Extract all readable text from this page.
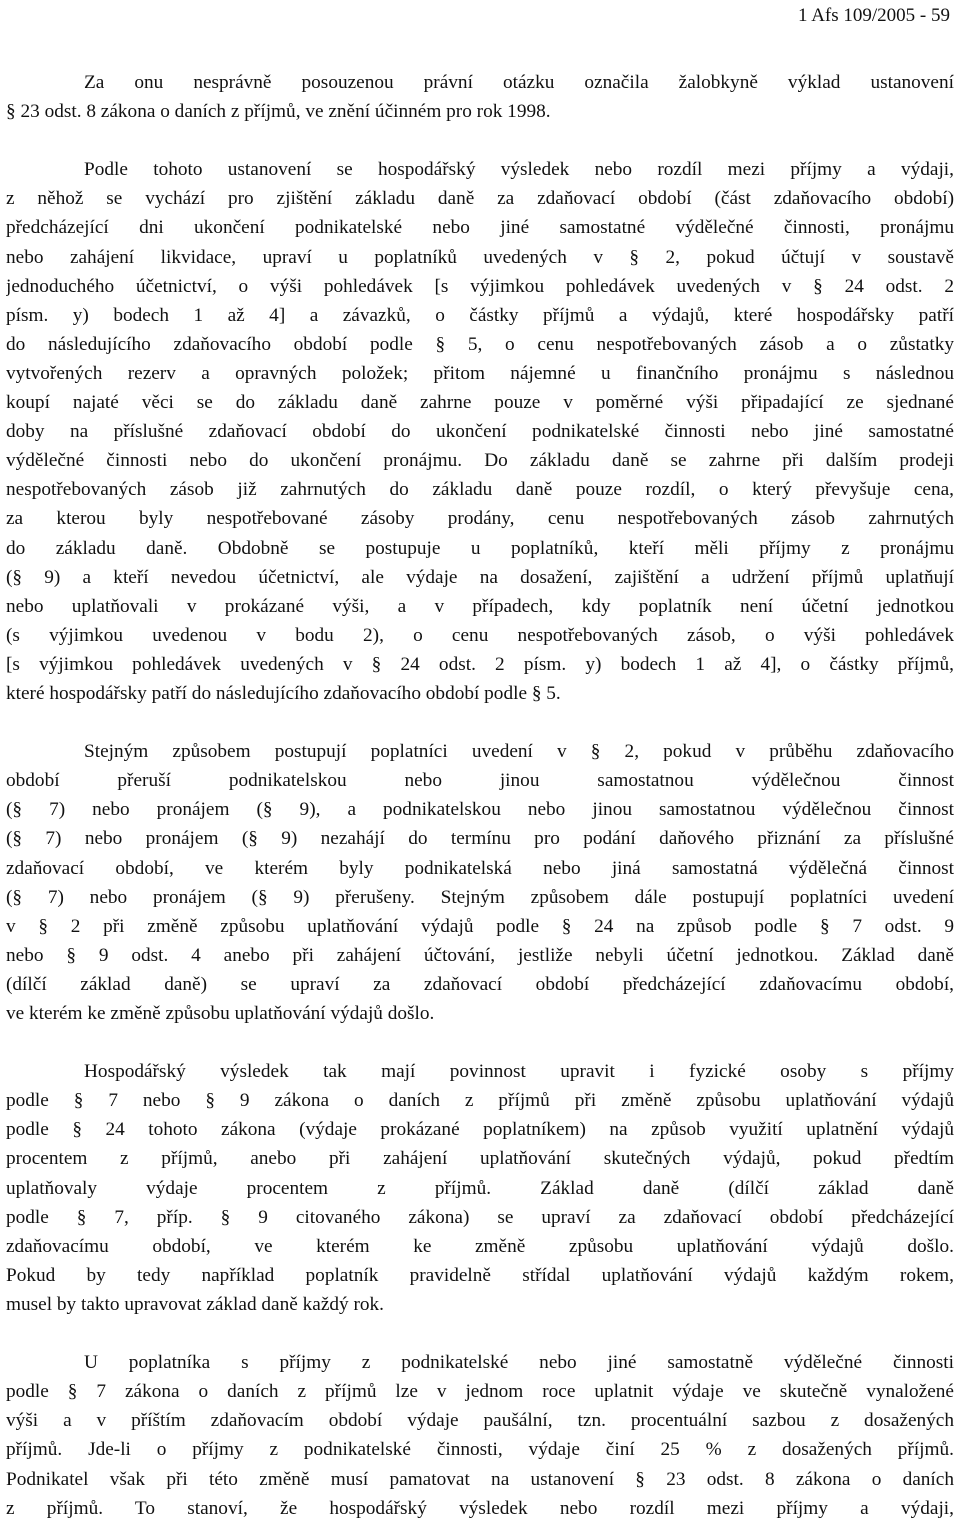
1 Afs 109/2005 - 59
Za onu nesprávně posouzenou právní otázku označila žalobkyně výklad ustanovení
§ 23 odst. 8 zákona o daních z příjmů, ve znění účinném pro rok 1998.
Podle tohoto ustanovení se hospodářský výsledek nebo rozdíl mezi příjmy a výdaji,
z něhož se vychází pro zjištění základu daně za zdaňovací období (část zdaňovacího období)
předcházející dni ukončení podnikatelské nebo jiné samostatné výdělečné činnosti, pronájmu
nebo zahájení likvidace, upraví u poplatníků uvedených v § 2, pokud účtují v soustavě
jednoduchého účetnictví, o výši pohledávek [s výjimkou pohledávek uvedených v § 24 odst. 2
písm. y) bodech 1 až 4] a závazků, o částky příjmů a výdajů, které hospodářsky patří
do následujícího zdaňovacího období podle § 5, o cenu nespotřebovaných zásob a o zůstatky
vytvořených rezerv a opravných položek; přitom nájemné u finančního pronájmu s následnou
koupí najaté věci se do základu daně zahrne pouze v poměrné výši připadající ze sjednané
doby na příslušné zdaňovací období do ukončení podnikatelské činnosti nebo jiné samostatné
výdělečné činnosti nebo do ukončení pronájmu. Do základu daně se zahrne při dalším prodeji
nespotřebovaných zásob již zahrnutých do základu daně pouze rozdíl, o který převyšuje cena,
za kterou byly nespotřebované zásoby prodány, cenu nespotřebovaných zásob zahrnutých
do základu daně. Obdobně se postupuje u poplatníků, kteří měli příjmy z pronájmu
(§ 9) a kteří nevedou účetnictví, ale výdaje na dosažení, zajištění a udržení příjmů uplatňují
nebo uplatňovali v prokázané výši, a v případech, kdy poplatník není účetní jednotkou
(s výjimkou uvedenou v bodu 2), o cenu nespotřebovaných zásob, o výši pohledávek
[s výjimkou pohledávek uvedených v § 24 odst. 2 písm. y) bodech 1 až 4], o částky příjmů,
které hospodářsky patří do následujícího zdaňovacího období podle § 5.
Stejným způsobem postupují poplatníci uvedení v § 2, pokud v průběhu zdaňovacího
období přeruší podnikatelskou nebo jinou samostatnou výdělečnou činnost
(§ 7) nebo pronájem (§ 9), a podnikatelskou nebo jinou samostatnou výdělečnou činnost
(§ 7) nebo pronájem (§ 9) nezahájí do termínu pro podání daňového přiznání za příslušné
zdaňovací období, ve kterém byly podnikatelská nebo jiná samostatná výdělečná činnost
(§ 7) nebo pronájem (§ 9) přerušeny. Stejným způsobem dále postupují poplatníci uvedení
v § 2 při změně způsobu uplatňování výdajů podle § 24 na způsob podle § 7 odst. 9
nebo § 9 odst. 4 anebo při zahájení účtování, jestliže nebyli účetní jednotkou. Základ daně
(dílčí základ daně) se upraví za zdaňovací období předcházející zdaňovacímu období,
ve kterém ke změně způsobu uplatňování výdajů došlo.
Hospodářský výsledek tak mají povinnost upravit i fyzické osoby s příjmy
podle § 7 nebo § 9 zákona o daních z příjmů při změně způsobu uplatňování výdajů
podle § 24 tohoto zákona (výdaje prokázané poplatníkem) na způsob využití uplatnění výdajů
procentem z příjmů, anebo při zahájení uplatňování skutečných výdajů, pokud předtím
uplatňovaly výdaje procentem z příjmů. Základ daně (dílčí základ daně
podle § 7, příp. § 9 citovaného zákona) se upraví za zdaňovací období předcházející
zdaňovacímu období, ve kterém ke změně způsobu uplatňování výdajů došlo.
Pokud by tedy například poplatník pravidelně střídal uplatňování výdajů každým rokem,
musel by takto upravovat základ daně každý rok.
U poplatníka s příjmy z podnikatelské nebo jiné samostatně výdělečné činnosti
podle § 7 zákona o daních z příjmů lze v jednom roce uplatnit výdaje ve skutečně vynaložené
výši a v příštím zdaňovacím období výdaje paušální, tzn. procentuální sazbou z dosažených
příjmů. Jde-li o příjmy z podnikatelské činnosti, výdaje činí 25 % z dosažených příjmů.
Podnikatel však při této změně musí pamatovat na ustanovení § 23 odst. 8 zákona o daních
z příjmů. To stanoví, že hospodářský výsledek nebo rozdíl mezi příjmy a výdaji,
